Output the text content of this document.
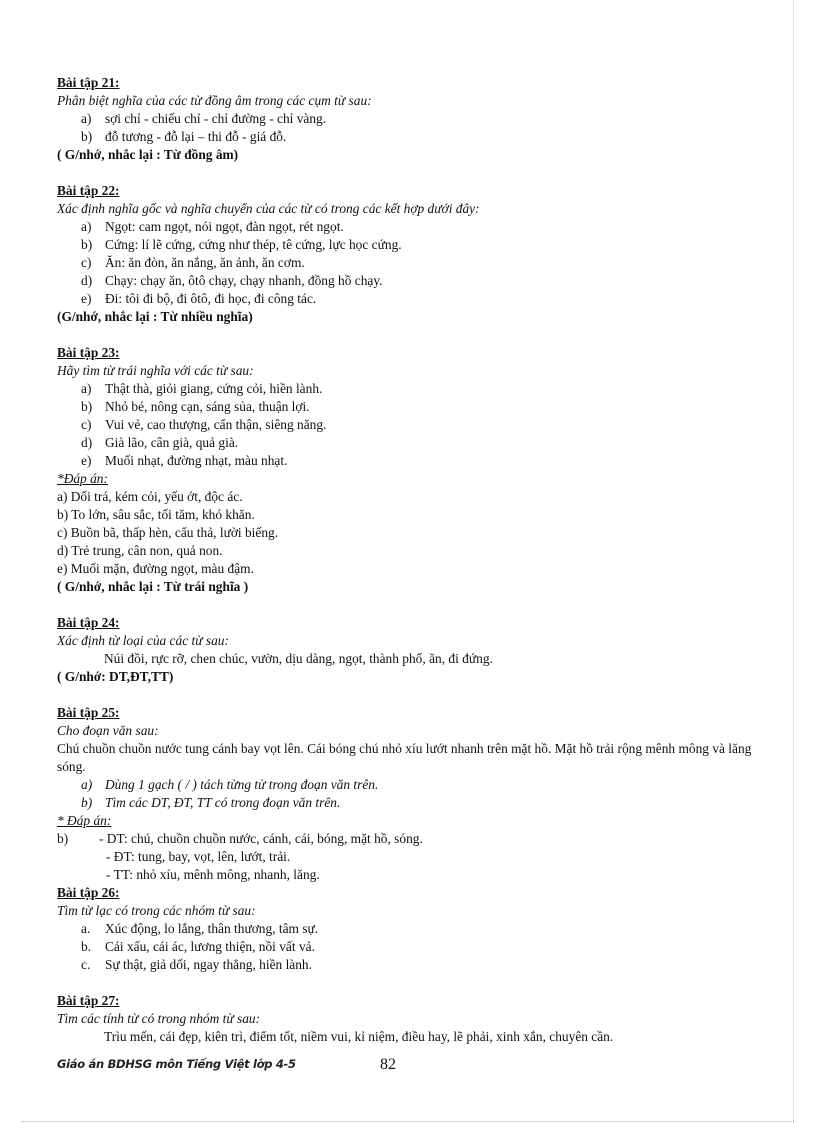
Bài tập 21:
Phân biệt nghĩa của các từ đồng âm trong các cụm từ sau:
a) sợi chỉ - chiếu chỉ - chỉ đường - chỉ vàng.
b) đỗ tương - đỗ lại – thi đỗ - giá đỗ.
( G/nhớ, nhắc lại : Từ đồng âm)
Bài tập 22:
Xác định nghĩa gốc và nghĩa chuyển của các từ có trong các kết hợp dưới đây:
a) Ngọt: cam ngọt, nói ngọt, đàn ngọt, rét ngọt.
b) Cứng: lí lẽ cứng, cứng như thép, tê cứng, lực học cứng.
c) Ăn: ăn đòn, ăn nắng, ăn ảnh, ăn cơm.
d) Chạy: chạy ăn, ôtô chạy, chạy nhanh, đồng hồ chạy.
e) Đi: tôi đi bộ, đi ôtô, đi học, đi công tác.
(G/nhớ, nhắc lại : Từ nhiều nghĩa)
Bài tập 23:
Hãy tìm từ trái nghĩa với các từ sau:
a) Thật thà, giỏi giang, cứng cỏi, hiền lành.
b) Nhỏ bé, nông cạn, sáng sủa, thuận lợi.
c) Vui vẻ, cao thượng, cẩn thận, siêng năng.
d) Già lão, cân già, quả già.
e) Muối nhạt, đường nhạt, màu nhạt.
*Đáp án:
a) Dối trá, kém cỏi, yếu ớt, độc ác.
b) To lớn, sâu sắc, tối tăm, khó khăn.
c) Buồn bã, thấp hèn, cẩu thả, lười biếng.
d) Trẻ trung, cân non, quả non.
e) Muối mặn, đường ngọt, màu đậm.
( G/nhớ, nhắc lại : Từ trái nghĩa )
Bài tập 24:
Xác định từ loại của các từ sau:
Núi đồi, rực rỡ, chen chúc, vườn, dịu dàng, ngọt, thành phố, ăn, đi đứng.
( G/nhớ: DT,ĐT,TT)
Bài tập 25:
Cho đoạn văn sau:
Chú chuồn chuồn nước tung cánh bay vọt lên. Cái bóng chú nhỏ xíu lướt nhanh trên mặt hồ. Mặt hồ trải rộng mênh mông và lăng sóng.
a) Dùng 1 gạch ( / ) tách từng từ trong đoạn văn trên.
b) Tìm các DT, ĐT, TT có trong đoạn văn trên.
* Đáp án:
b)	- DT: chú, chuồn chuồn nước, cánh, cái, bóng, mặt hồ, sóng.
- ĐT: tung, bay, vọt, lên, lướt, trải.
- TT: nhỏ xíu, mênh mông, nhanh, lăng.
Bài tập 26:
Tìm từ lạc có trong các nhóm từ sau:
a. Xúc động, lo lắng, thân thương, tâm sự.
b. Cái xấu, cái ác, lương thiện, nồi vất vả.
c. Sự thật, giả dối, ngay thẳng, hiền lành.
Bài tập 27:
Tìm các tính từ có trong nhóm từ sau:
Trìu mến, cái đẹp, kiên trì, điểm tốt, niềm vui, kỉ niệm, điều hay, lẽ phải, xinh xắn, chuyên cần.
Giáo án BDHSG môn Tiếng Việt lớp 4-5	82
